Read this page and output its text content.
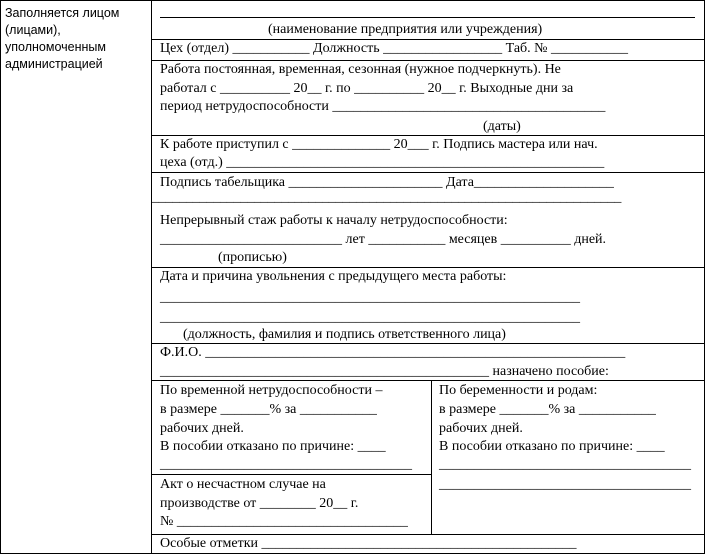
Заполняется лицом
(лицами),
уполномоченным
администрацией
(наименование предприятия или учреждения)
Цех (отдел) ___________ Должность _________________ Таб. № ___________
Работа постоянная, временная, сезонная (нужное подчеркнуть). Не
работал с __________ 20__ г. по __________ 20__ г. Выходные дни за
период нетрудоспособности _______________________________________
(даты)
К работе приступил с ______________ 20___ г. Подпись мастера или нач.
цеха (отд.) ______________________________________________________
Подпись табельщика ______________________ Дата____________________
_____________________________________________________________________
Непрерывный стаж работы к началу нетрудоспособности:
__________________________ лет ___________ месяцев __________ дней.
(прописью)
Дата и причина увольнения с предыдущего места работы:
____________________________________________________________
____________________________________________________________
(должность, фамилия и подпись ответственного лица)
Ф.И.О. ____________________________________________________________
_______________________________________________ назначено пособие:
По временной нетрудоспособности –
в размере _______% за ___________
рабочих дней.
В пособии отказано по причине: ____
____________________________________
Акт о несчастном случае на
производстве от ________ 20__ г.
№ _________________________________
По беременности и родам:
в размере _______% за ___________
рабочих дней.
В пособии отказано по причине: ____
____________________________________
____________________________________
Особые отметки _____________________________________________
